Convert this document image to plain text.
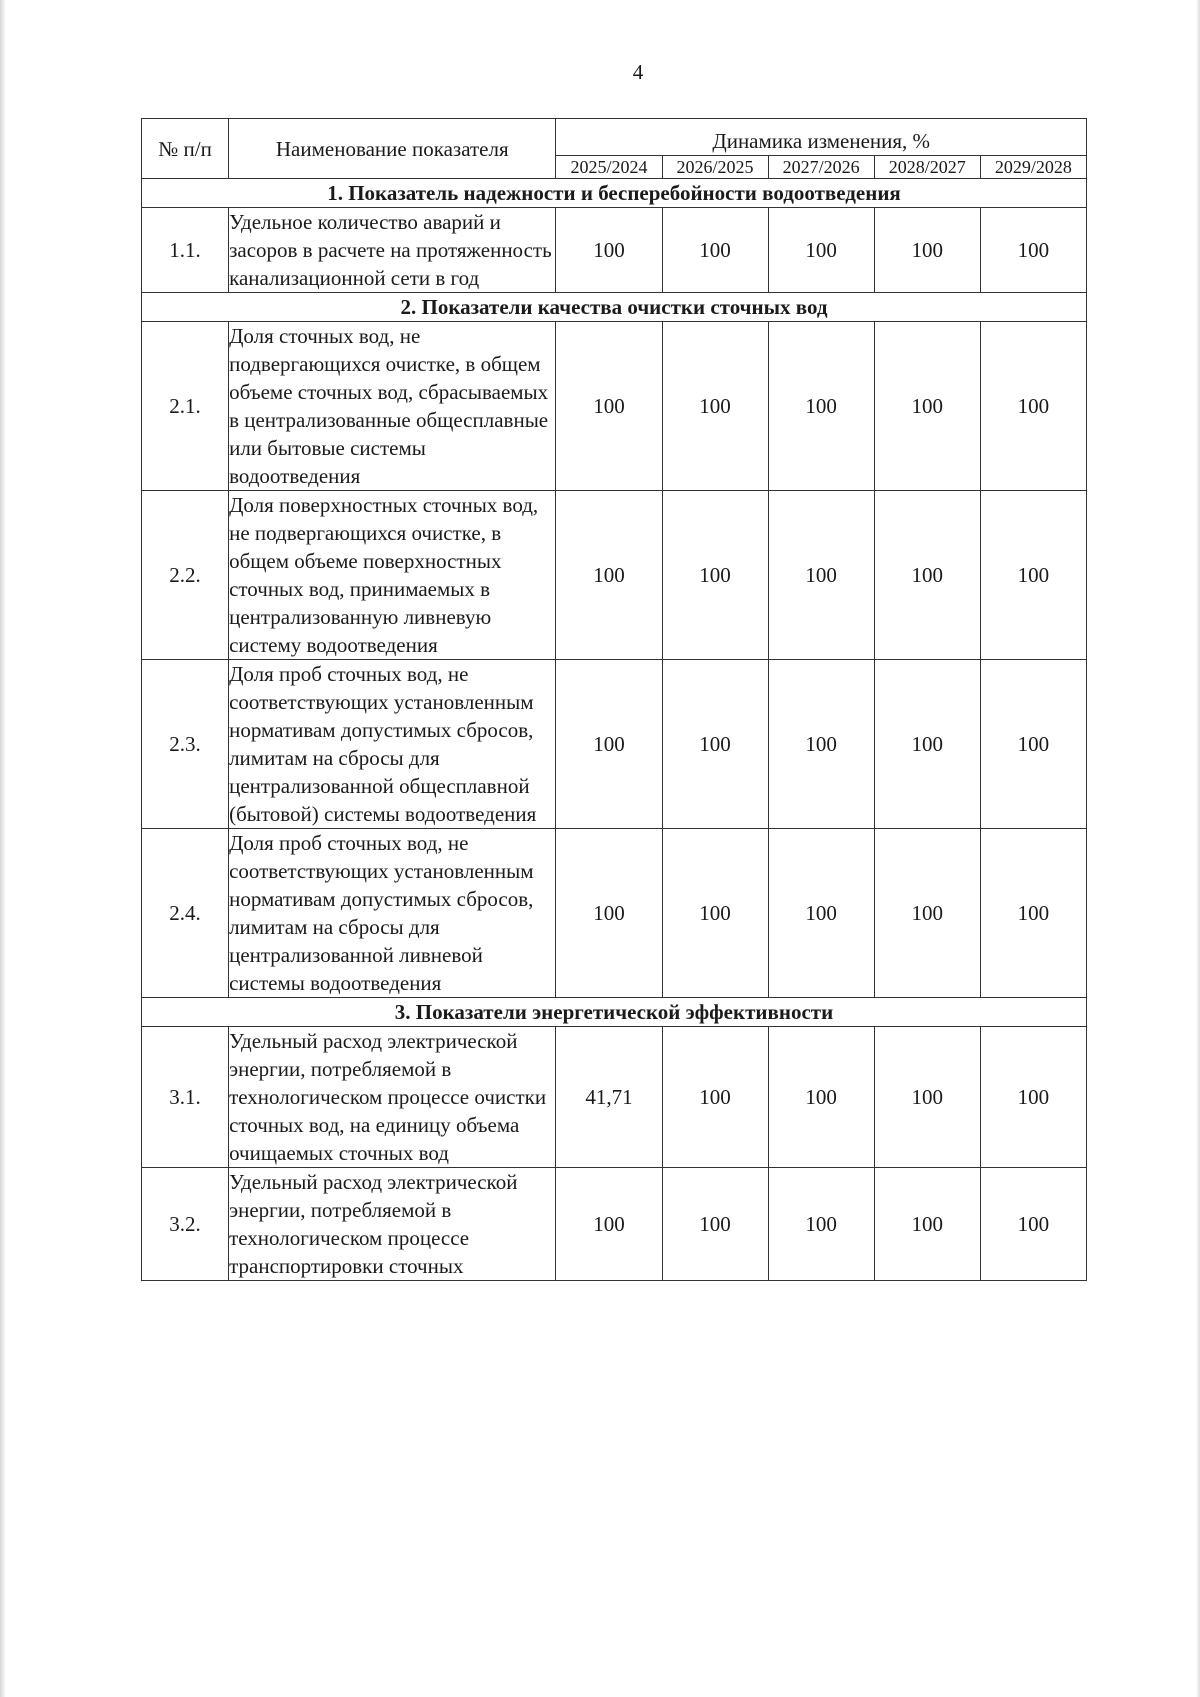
4
№ п/п	Наименование показателя	Динамика изменения, %				
		2025/2024	2026/2025	2027/2026	2028/2027	2029/2028
1. Показатель надежности и бесперебойности водоотведения						
1.1.	Удельное количество аварий и засоров в расчете на протяженность канализационной сети в год	100	100	100	100	100
2. Показатели качества очистки сточных вод						
2.1.	Доля сточных вод, не подвергающихся очистке, в общем объеме сточных вод, сбрасываемых в централизованные общесплавные или бытовые системы водоотведения	100	100	100	100	100
2.2.	Доля поверхностных сточных вод, не подвергающихся очистке, в общем объеме поверхностных сточных вод, принимаемых в централизованную ливневую систему водоотведения	100	100	100	100	100
2.3.	Доля проб сточных вод, не соответствующих установленным нормативам допустимых сбросов, лимитам на сбросы для централизованной общесплавной (бытовой) системы водоотведения	100	100	100	100	100
2.4.	Доля проб сточных вод, не соответствующих установленным нормативам допустимых сбросов, лимитам на сбросы для централизованной ливневой системы водоотведения	100	100	100	100	100
3. Показатели энергетической эффективности						
3.1.	Удельный расход электрической энергии, потребляемой в технологическом процессе очистки сточных вод, на единицу объема очищаемых сточных вод	41,71	100	100	100	100
3.2.	Удельный расход электрической энергии, потребляемой в технологическом процессе транспортировки сточных	100	100	100	100	100
